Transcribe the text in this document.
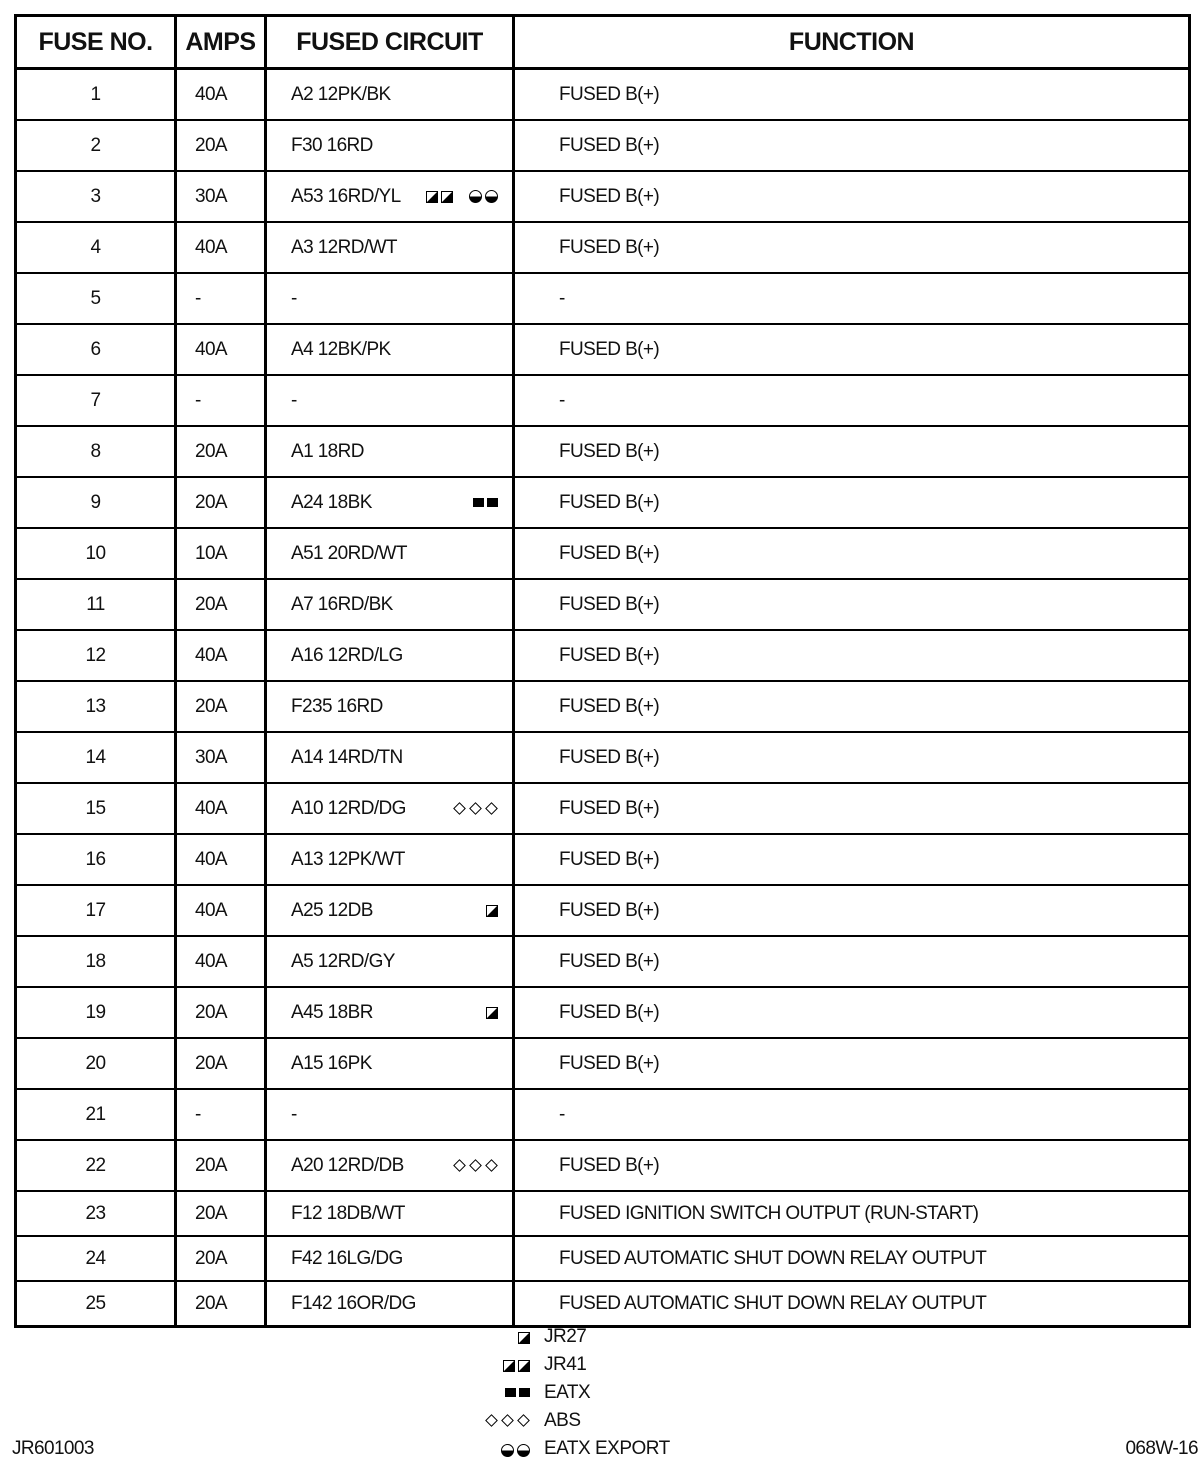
FUSE NO.	AMPS	FUSED CIRCUIT	FUNCTION
1	40A	A2 12PK/BK	FUSED B(+)
2	20A	F30 16RD	FUSED B(+)
3	30A	A53 16RD/YL	FUSED B(+)
4	40A	A3 12RD/WT	FUSED B(+)
5	-	-	-
6	40A	A4 12BK/PK	FUSED B(+)
7	-	-	-
8	20A	A1 18RD	FUSED B(+)
9	20A	A24 18BK	FUSED B(+)
10	10A	A51 20RD/WT	FUSED B(+)
11	20A	A7 16RD/BK	FUSED B(+)
12	40A	A16 12RD/LG	FUSED B(+)
13	20A	F235 16RD	FUSED B(+)
14	30A	A14 14RD/TN	FUSED B(+)
15	40A	A10 12RD/DG	FUSED B(+)
16	40A	A13 12PK/WT	FUSED B(+)
17	40A	A25 12DB	FUSED B(+)
18	40A	A5 12RD/GY	FUSED B(+)
19	20A	A45 18BR	FUSED B(+)
20	20A	A15 16PK	FUSED B(+)
21	-	-	-
22	20A	A20 12RD/DB	FUSED B(+)
23	20A	F12 18DB/WT	FUSED IGNITION SWITCH OUTPUT (RUN-START)
24	20A	F42 16LG/DG	FUSED AUTOMATIC SHUT DOWN RELAY OUTPUT
25	20A	F142 16OR/DG	FUSED AUTOMATIC SHUT DOWN RELAY OUTPUT
JR27
JR41
EATX
ABS
EATX EXPORT
JR601003	068W-16
